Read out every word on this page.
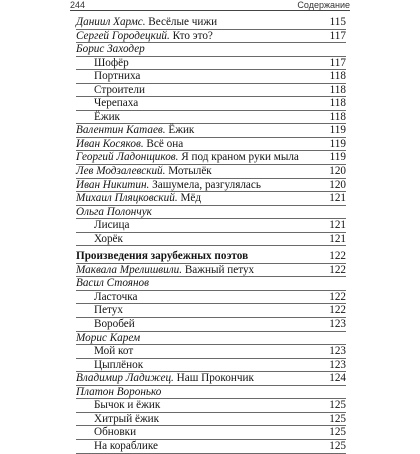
244	Содержание
Даниил Хармс. Весёлые чижи	115
Сергей Городецкий. Кто это?	117
Борис Заходер
Шофёр	117
Портниха	118
Строители	118
Черепаха	118
Ёжик	118
Валентин Катаев. Ёжик	119
Иван Косяков. Всё она	119
Георгий Ладонщиков. Я под краном руки мыла	119
Лев Модзалевский. Мотылёк	120
Иван Никитин. Зашумела, разгулялась	120
Михаил Пляцковский. Мёд	121
Ольга Полончук
Лисица	121
Хорёк	121
Произведения зарубежных поэтов	122
Маквала Мрелишвили. Важный петух	122
Васил Стоянов
Ласточка	122
Петух	122
Воробей	123
Морис Карем
Мой кот	123
Цыплёнок	123
Владимир Ладижец. Наш Прокончик	124
Платон Воронько
Бычок и ёжик	125
Хитрый ёжик	125
Обновки	125
На кораблике	125
